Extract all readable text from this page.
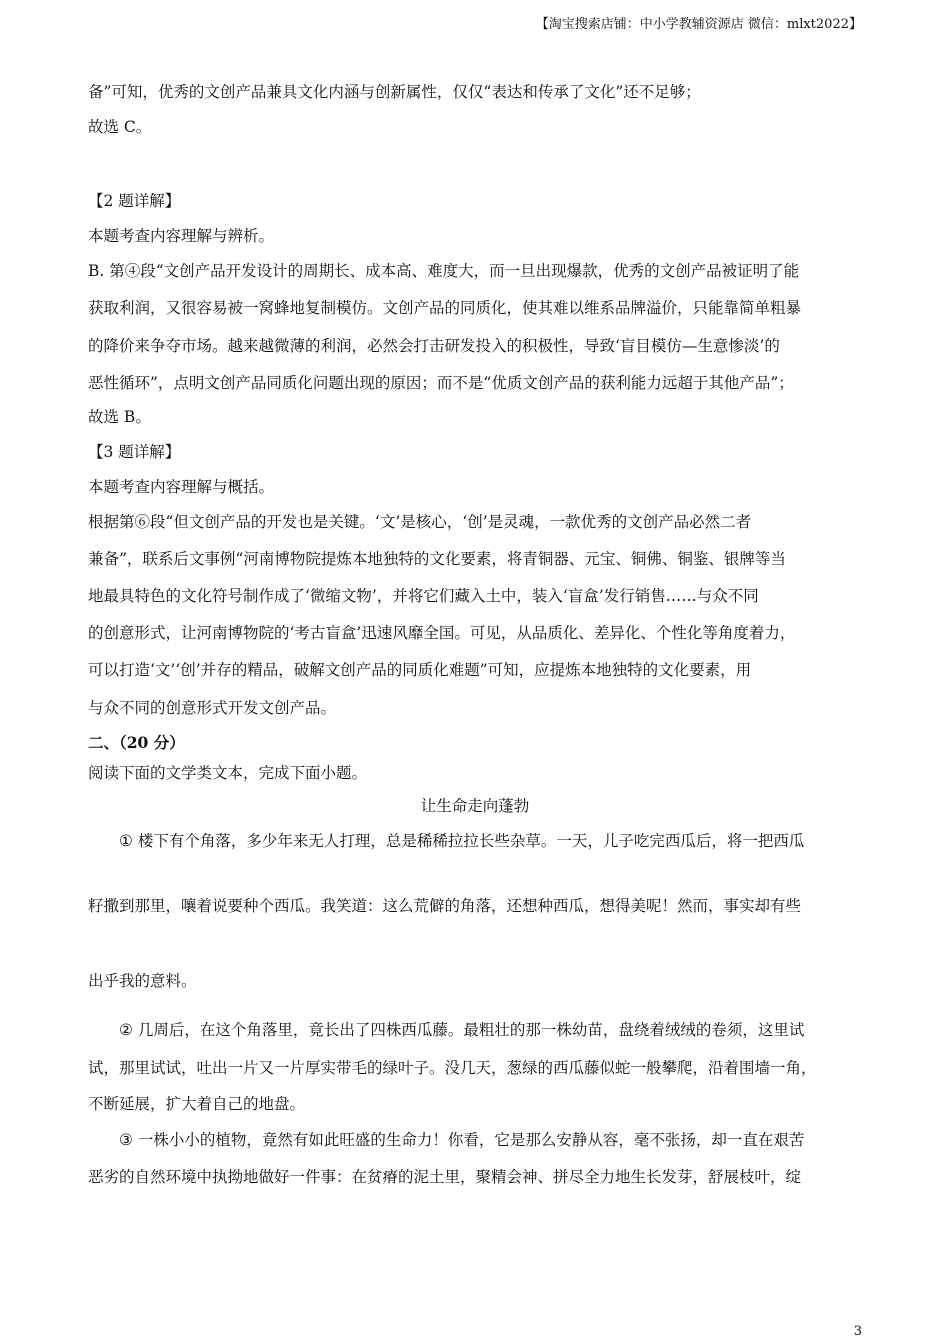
【淘宝搜索店铺：中小学教辅资源店 微信：mlxt2022】
备”可知，优秀的文创产品兼具文化内涵与创新属性，仅仅“表达和传承了文化”还不足够；
故选 C。
【2 题详解】
本题考查内容理解与辨析。
B. 第④段“文创产品开发设计的周期长、成本高、难度大，而一旦出现爆款，优秀的文创产品被证明了能
获取利润，又很容易被一窝蜂地复制模仿。文创产品的同质化，使其难以维系品牌溢价，只能靠简单粗暴
的降价来争夺市场。越来越微薄的利润，必然会打击研发投入的积极性，导致‘盲目模仿—生意惨淡’的
恶性循环”，点明文创产品同质化问题出现的原因；而不是“优质文创产品的获利能力远超于其他产品”；
故选 B。
【3 题详解】
本题考查内容理解与概括。
根据第⑥段“但文创产品的开发也是关键。‘文’是核心，‘创’是灵魂，一款优秀的文创产品必然二者
兼备”，联系后文事例“河南博物院提炼本地独特的文化要素，将青铜器、元宝、铜佛、铜鉴、银牌等当
地最具特色的文化符号制作成了‘微缩文物’，并将它们藏入土中，装入‘盲盒’发行销售……与众不同
的创意形式，让河南博物院的‘考古盲盒’迅速风靡全国。可见，从品质化、差异化、个性化等角度着力，
可以打造‘文’‘创’并存的精品，破解文创产品的同质化难题”可知，应提炼本地独特的文化要素，用
与众不同的创意形式开发文创产品。
二、（20 分）
阅读下面的文学类文本，完成下面小题。
让生命走向蓬勃
　　① 楼下有个角落，多少年来无人打理，总是稀稀拉拉长些杂草。一天，儿子吃完西瓜后，将一把西瓜
籽撒到那里，嚷着说要种个西瓜。我笑道：这么荒僻的角落，还想种西瓜，想得美呢！然而，事实却有些
出乎我的意料。
　　② 几周后，在这个角落里，竟长出了四株西瓜藤。最粗壮的那一株幼苗，盘绕着绒绒的卷须，这里试
试，那里试试，吐出一片又一片厚实带毛的绿叶子。没几天，葱绿的西瓜藤似蛇一般攀爬，沿着围墙一角，
不断延展，扩大着自己的地盘。
　　③ 一株小小的植物，竟然有如此旺盛的生命力！你看，它是那么安静从容，毫不张扬，却一直在艰苦
恶劣的自然环境中执拗地做好一件事：在贫瘠的泥土里，聚精会神、拼尽全力地生长发芽，舒展枝叶，绽
3
